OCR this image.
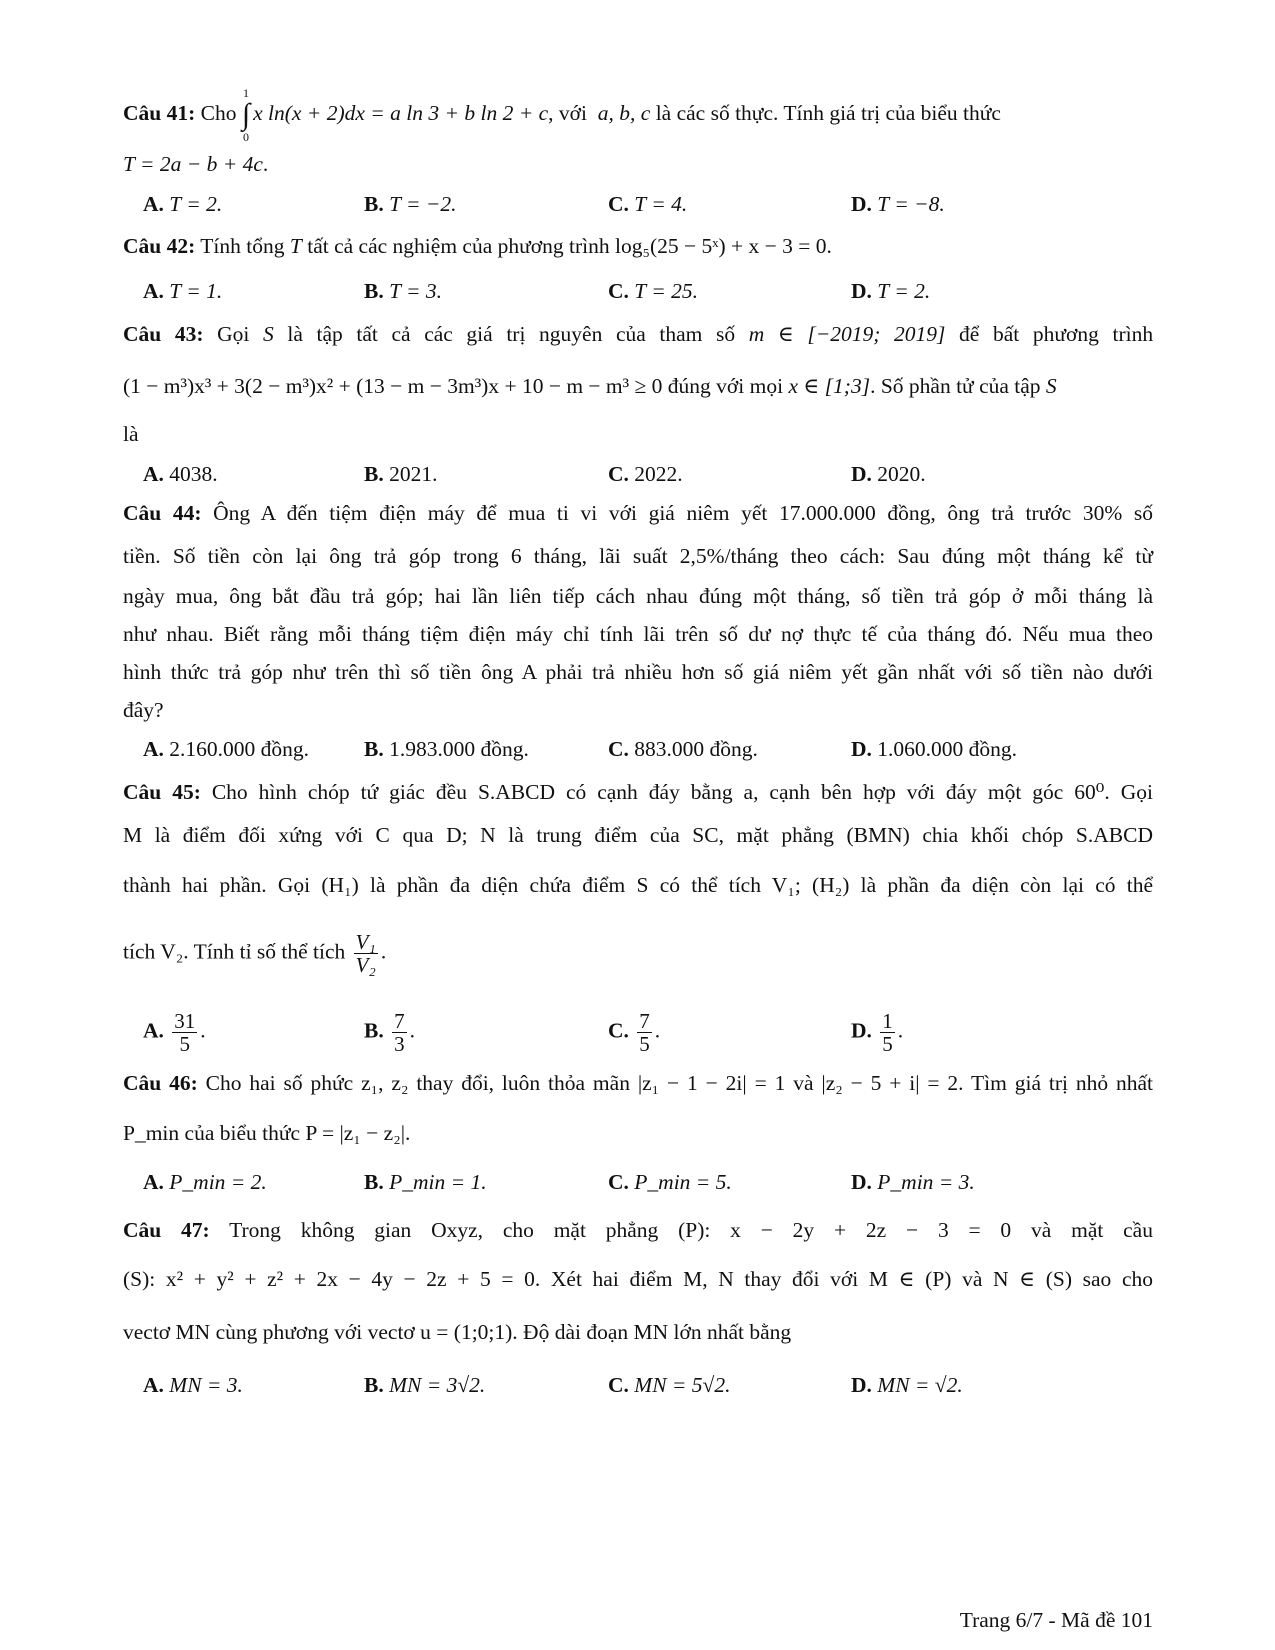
Câu 41: Cho
1
∫
0
x ln(x + 2)dx = a ln 3 + b ln 2 + c, với a, b, c là các số thực. Tính giá trị của biểu thức
T = 2a − b + 4c.
A. T = 2.	B. T = −2.	C. T = 4.	D. T = −8.
Câu 42: Tính tổng T tất cả các nghiệm của phương trình log₅(25 − 5ˣ) + x − 3 = 0.
A. T = 1.	B. T = 3.	C. T = 25.	D. T = 2.
Câu 43: Gọi S là tập tất cả các giá trị nguyên của tham số m ∈ [−2019; 2019] để bất phương trình
(1 − m³)x³ + 3(2 − m³)x² + (13 − m − 3m³)x + 10 − m − m³ ≥ 0 đúng với mọi x ∈ [1;3]. Số phần tử của tập S
là
A. 4038.	B. 2021.	C. 2022.	D. 2020.
Câu 44: Ông A đến tiệm điện máy để mua ti vi với giá niêm yết 17.000.000 đồng, ông trả trước 30% số
tiền. Số tiền còn lại ông trả góp trong 6 tháng, lãi suất 2,5%/tháng theo cách: Sau đúng một tháng kể từ
ngày mua, ông bắt đầu trả góp; hai lần liên tiếp cách nhau đúng một tháng, số tiền trả góp ở mỗi tháng là
như nhau. Biết rằng mỗi tháng tiệm điện máy chỉ tính lãi trên số dư nợ thực tế của tháng đó. Nếu mua theo
hình thức trả góp như trên thì số tiền ông A phải trả nhiều hơn số giá niêm yết gần nhất với số tiền nào dưới
đây?
A. 2.160.000 đồng.	B. 1.983.000 đồng.	C. 883.000 đồng.	D. 1.060.000 đồng.
Câu 45: Cho hình chóp tứ giác đều S.ABCD có cạnh đáy bằng a, cạnh bên hợp với đáy một góc 60⁰. Gọi
M là điểm đối xứng với C qua D; N là trung điểm của SC, mặt phẳng (BMN) chia khối chóp S.ABCD
thành hai phần. Gọi (H₁) là phần đa diện chứa điểm S có thể tích V₁; (H₂) là phần đa diện còn lại có thể
tích V₂. Tính tỉ số thể tích $\frac{\text{V₁}}{\text{V₂}}$ .
A. $\frac{31}{5}$ .	B. $\frac{7}{3}$ .	C. $\frac{7}{5}$ .	D. $\frac{1}{5}$ .
Câu 46: Cho hai số phức z₁, z₂ thay đổi, luôn thỏa mãn |z₁ − 1 − 2i| = 1 và |z₂ − 5 + i| = 2. Tìm giá trị nhỏ nhất
P_min của biểu thức P = |z₁ − z₂|.
A. P_min = 2.	B. P_min = 1.	C. P_min = 5.	D. P_min = 3.
Câu 47: Trong không gian Oxyz, cho mặt phẳng (P): x − 2y + 2z − 3 = 0 và mặt cầu
(S): x² + y² + z² + 2x − 4y − 2z + 5 = 0. Xét hai điểm M, N thay đổi với M ∈ (P) và N ∈ (S) sao cho
vectơ MN cùng phương với vectơ u = (1;0;1). Độ dài đoạn MN lớn nhất bằng
A. MN = 3.	B. MN = 3√2.	C. MN = 5√2.	D. MN = √2.
Trang 6/7 - Mã đề 101
